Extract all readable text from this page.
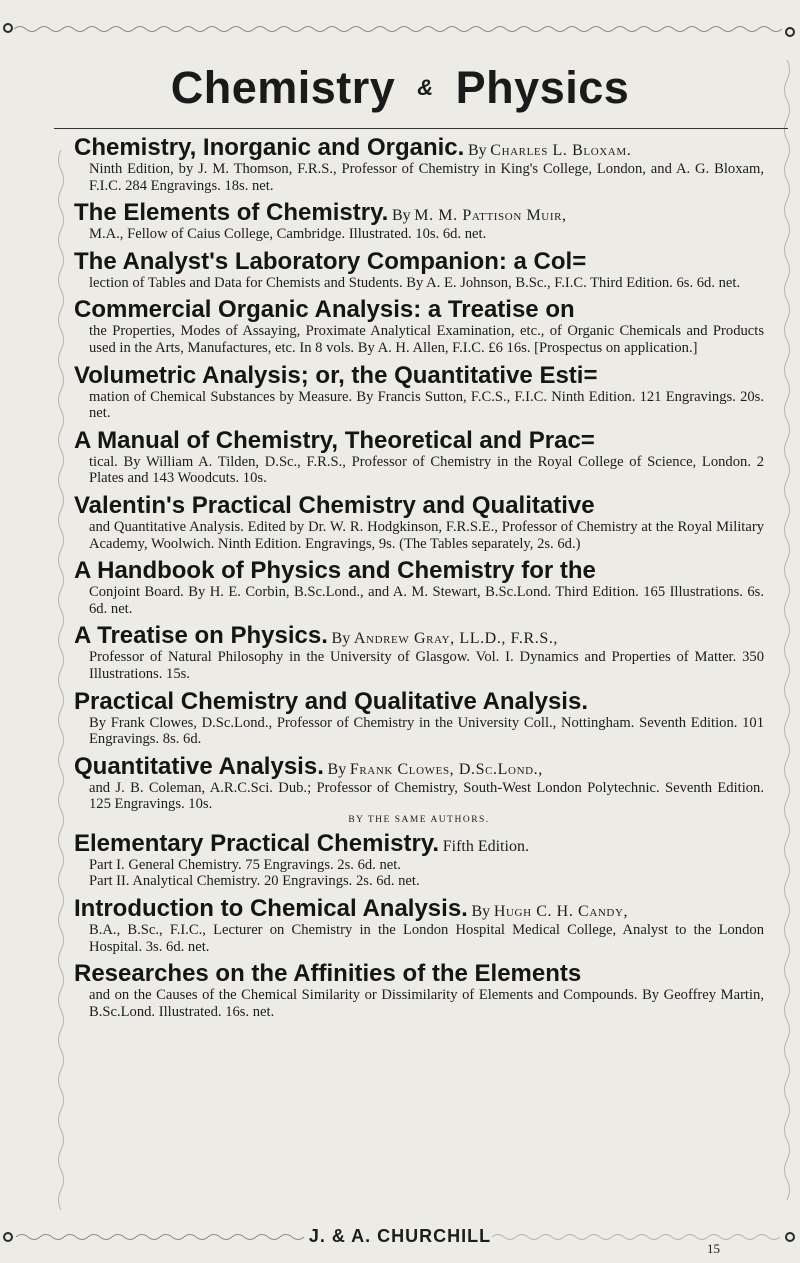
Chemistry & Physics
Chemistry, Inorganic and Organic. By Charles L. Bloxam.
Ninth Edition, by J. M. Thomson, F.R.S., Professor of Chemistry in King's College, London, and A. G. Bloxam, F.I.C. 284 Engravings. 18s. net.
The Elements of Chemistry. By M. M. Pattison Muir,
M.A., Fellow of Caius College, Cambridge. Illustrated. 10s. 6d. net.
The Analyst's Laboratory Companion: a Col=
lection of Tables and Data for Chemists and Students. By A. E. Johnson, B.Sc., F.I.C. Third Edition. 6s. 6d. net.
Commercial Organic Analysis: a Treatise on
the Properties, Modes of Assaying, Proximate Analytical Examination, etc., of Organic Chemicals and Products used in the Arts, Manufactures, etc. In 8 vols. By A. H. Allen, F.I.C. £6 16s. [Prospectus on application.]
Volumetric Analysis; or, the Quantitative Esti=
mation of Chemical Substances by Measure. By Francis Sutton, F.C.S., F.I.C. Ninth Edition. 121 Engravings. 20s. net.
A Manual of Chemistry, Theoretical and Prac=
tical. By William A. Tilden, D.Sc., F.R.S., Professor of Chemistry in the Royal College of Science, London. 2 Plates and 143 Woodcuts. 10s.
Valentin's Practical Chemistry and Qualitative
and Quantitative Analysis. Edited by Dr. W. R. Hodgkinson, F.R.S.E., Professor of Chemistry at the Royal Military Academy, Woolwich. Ninth Edition. Engravings, 9s. (The Tables separately, 2s. 6d.)
A Handbook of Physics and Chemistry for the
Conjoint Board. By H. E. Corbin, B.Sc.Lond., and A. M. Stewart, B.Sc.Lond. Third Edition. 165 Illustrations. 6s. 6d. net.
A Treatise on Physics. By Andrew Gray, LL.D., F.R.S.,
Professor of Natural Philosophy in the University of Glasgow. Vol. I. Dynamics and Properties of Matter. 350 Illustrations. 15s.
Practical Chemistry and Qualitative Analysis.
By Frank Clowes, D.Sc.Lond., Professor of Chemistry in the University Coll., Nottingham. Seventh Edition. 101 Engravings. 8s. 6d.
Quantitative Analysis. By Frank Clowes, D.Sc.Lond.,
and J. B. Coleman, A.R.C.Sci. Dub.; Professor of Chemistry, South-West London Polytechnic. Seventh Edition. 125 Engravings. 10s.
BY THE SAME AUTHORS.
Elementary Practical Chemistry. Fifth Edition.
Part I. General Chemistry. 75 Engravings. 2s. 6d. net.
Part II. Analytical Chemistry. 20 Engravings. 2s. 6d. net.
Introduction to Chemical Analysis. By Hugh C. H. Candy,
B.A., B.Sc., F.I.C., Lecturer on Chemistry in the London Hospital Medical College, Analyst to the London Hospital. 3s. 6d. net.
Researches on the Affinities of the Elements
and on the Causes of the Chemical Similarity or Dissimilarity of Elements and Compounds. By Geoffrey Martin, B.Sc.Lond. Illustrated. 16s. net.
J. & A. CHURCHILL
15
